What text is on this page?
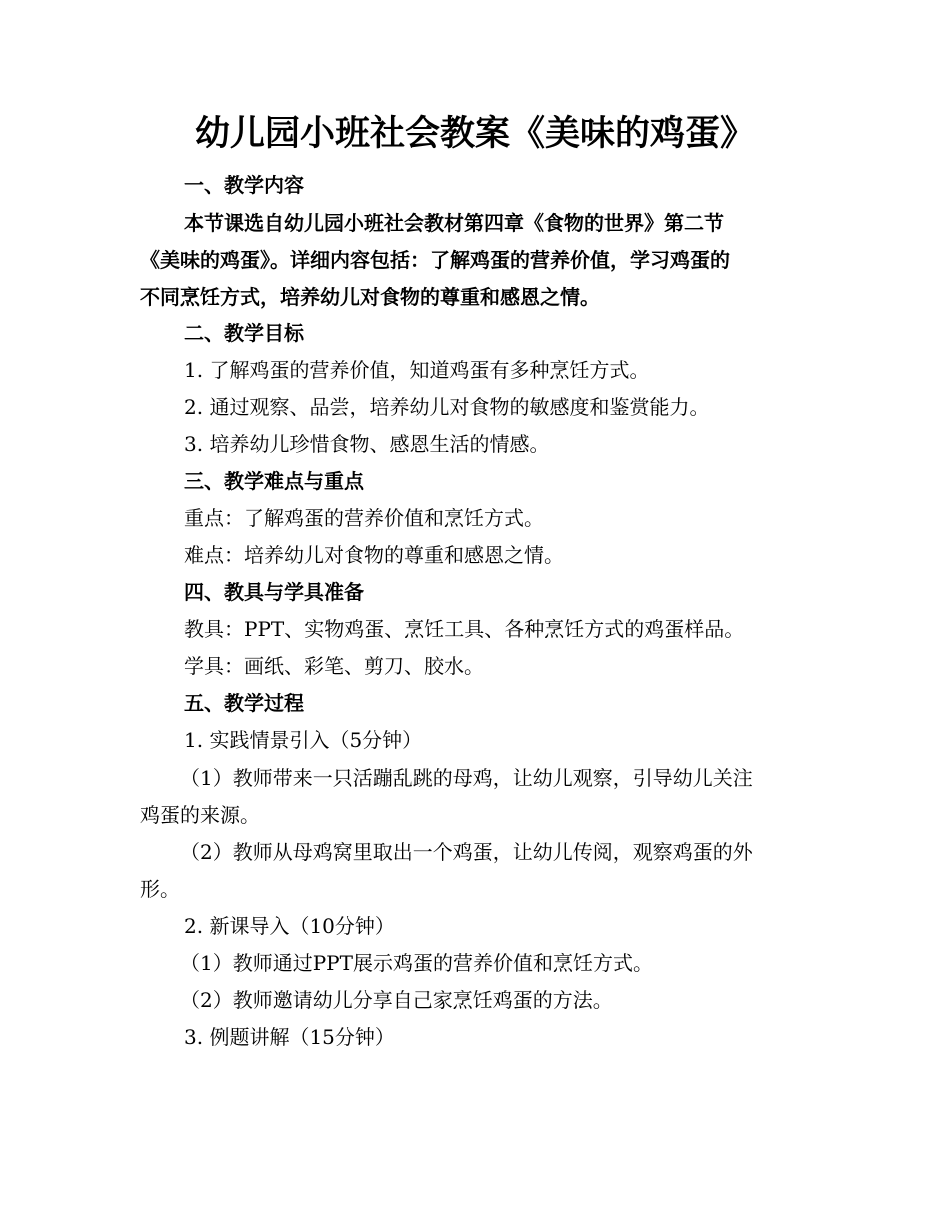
幼儿园小班社会教案《美味的鸡蛋》
一、教学内容
本节课选自幼儿园小班社会教材第四章《食物的世界》第二节
《美味的鸡蛋》。详细内容包括：了解鸡蛋的营养价值，学习鸡蛋的
不同烹饪方式，培养幼儿对食物的尊重和感恩之情。
二、教学目标
1. 了解鸡蛋的营养价值，知道鸡蛋有多种烹饪方式。
2. 通过观察、品尝，培养幼儿对食物的敏感度和鉴赏能力。
3. 培养幼儿珍惜食物、感恩生活的情感。
三、教学难点与重点
重点：了解鸡蛋的营养价值和烹饪方式。
难点：培养幼儿对食物的尊重和感恩之情。
四、教具与学具准备
教具：PPT、实物鸡蛋、烹饪工具、各种烹饪方式的鸡蛋样品。
学具：画纸、彩笔、剪刀、胶水。
五、教学过程
1. 实践情景引入（5分钟）
（1）教师带来一只活蹦乱跳的母鸡，让幼儿观察，引导幼儿关注
鸡蛋的来源。
（2）教师从母鸡窝里取出一个鸡蛋，让幼儿传阅，观察鸡蛋的外
形。
2. 新课导入（10分钟）
（1）教师通过PPT展示鸡蛋的营养价值和烹饪方式。
（2）教师邀请幼儿分享自己家烹饪鸡蛋的方法。
3. 例题讲解（15分钟）
